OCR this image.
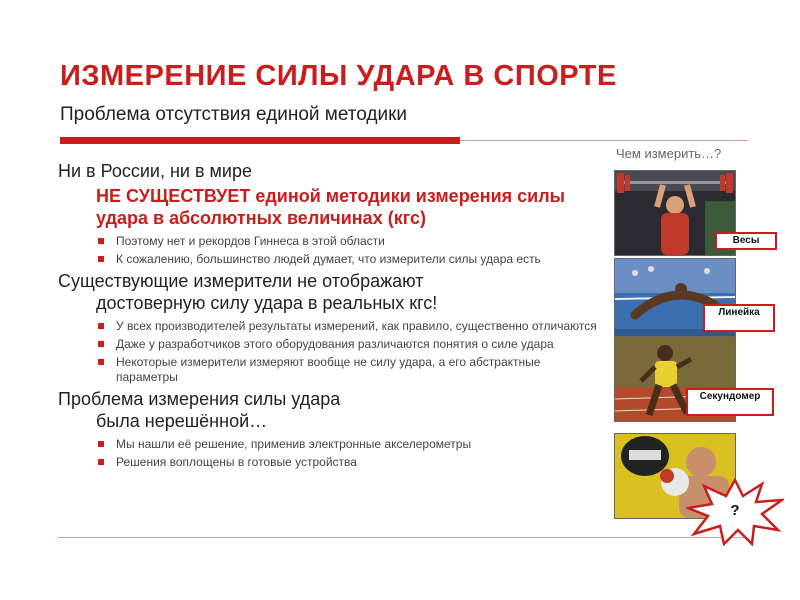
ИЗМЕРЕНИЕ СИЛЫ УДАРА В СПОРТЕ
Проблема отсутствия единой методики
Чем измерить…?
Ни в России, ни в мире
НЕ СУЩЕСТВУЕТ единой методики измерения силы удара в абсолютных величинах (кгс)
Поэтому нет и рекордов Гиннеса в этой области
К сожалению, большинство людей думает, что измерители силы удара есть
Существующие измерители не отображают
достоверную силу удара в реальных кгс!
У всех производителей результаты измерений, как правило, существенно отличаются
Даже у разработчиков этого оборудования различаются понятия о силе удара
Некоторые измерители измеряют вообще не силу удара, а его абстрактные параметры
Проблема измерения силы удара
была нерешённой…
Мы нашли её решение, применив электронные акселерометры
Решения воплощены в готовые устройства
Весы
Линейка
Секундомер
?
